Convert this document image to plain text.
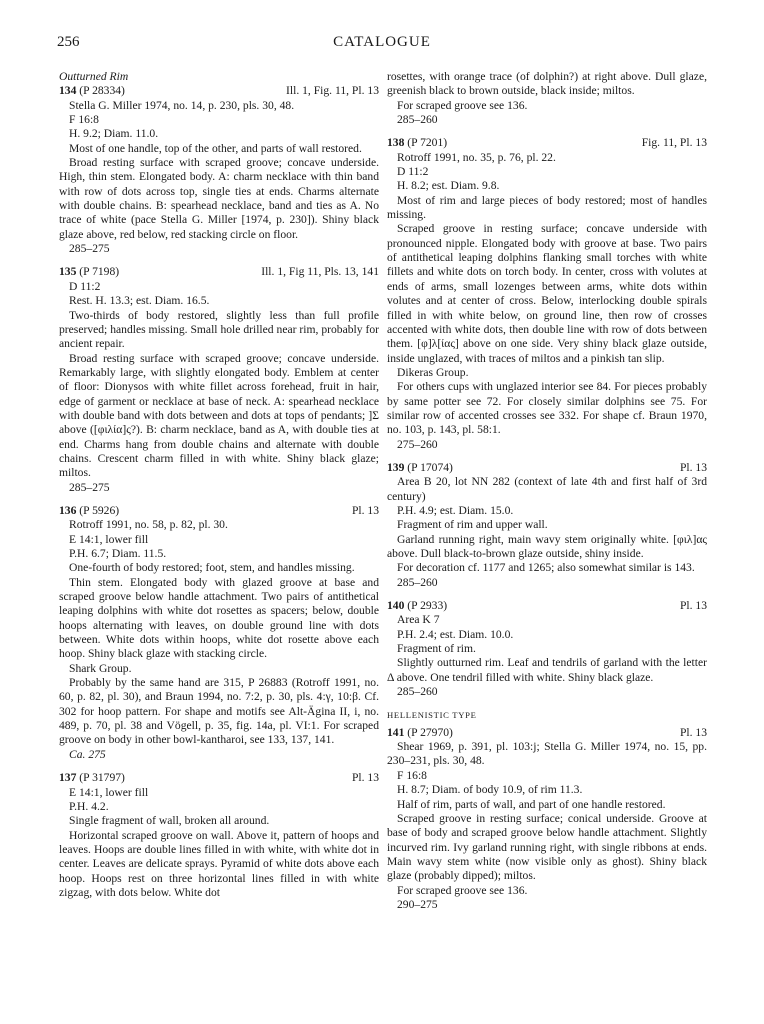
256	CATALOGUE

Outturned Rim

134 (P 28334)	Ill. 1, Fig. 11, Pl. 13

Stella G. Miller 1974, no. 14, p. 230, pls. 30, 48.

F 16:8

H. 9.2; Diam. 11.0.

Most of one handle, top of the other, and parts of wall restored.

Broad resting surface with scraped groove; concave underside. High, thin stem. Elongated body. A: charm necklace with thin band with row of dots across top, single ties at ends. Charms alternate with double chains. B: spearhead necklace, band and ties as A. No trace of white (pace Stella G. Miller [1974, p. 230]). Shiny black glaze above, red below, red stacking circle on floor.

285–275

135 (P 7198)	Ill. 1, Fig 11, Pls. 13, 141

D 11:2

Rest. H. 13.3; est. Diam. 16.5.

Two-thirds of body restored, slightly less than full profile preserved; handles missing. Small hole drilled near rim, probably for ancient repair.

Broad resting surface with scraped groove; concave underside. Remarkably large, with slightly elongated body. Emblem at center of floor: Dionysos with white fillet across forehead, fruit in hair, edge of garment or necklace at base of neck. A: spearhead necklace with double band with dots between and dots at tops of pendants; ]Σ above ([φιλία]ς?). B: charm necklace, band as A, with double ties at end. Charms hang from double chains and alternate with double chains. Crescent charm filled in with white. Shiny black glaze; miltos.

285–275

136 (P 5926)	Pl. 13

Rotroff 1991, no. 58, p. 82, pl. 30.

E 14:1, lower fill

P.H. 6.7; Diam. 11.5.

One-fourth of body restored; foot, stem, and handles missing.

Thin stem. Elongated body with glazed groove at base and scraped groove below handle attachment. Two pairs of antithetical leaping dolphins with white dot rosettes as spacers; below, double hoops alternating with leaves, on double ground line with dots between. White dots within hoops, white dot rosette above each hoop. Shiny black glaze with stacking circle.

Shark Group.

Probably by the same hand are 315, P 26883 (Rotroff 1991, no. 60, p. 82, pl. 30), and Braun 1994, no. 7:2, p. 30, pls. 4:γ, 10:β. Cf. 302 for hoop pattern. For shape and motifs see Alt-Ägina II, i, no. 489, p. 70, pl. 38 and Vögell, p. 35, fig. 14a, pl. VI:1. For scraped groove on body in other bowl-kantharoi, see 133, 137, 141.

Ca. 275

137 (P 31797)	Pl. 13

E 14:1, lower fill

P.H. 4.2.

Single fragment of wall, broken all around.

Horizontal scraped groove on wall. Above it, pattern of hoops and leaves. Hoops are double lines filled in with white, with white dot in center. Leaves are delicate sprays. Pyramid of white dots above each hoop. Hoops rest on three horizontal lines filled in with white zigzag, with dots below. White dot

rosettes, with orange trace (of dolphin?) at right above. Dull glaze, greenish black to brown outside, black inside; miltos.

For scraped groove see 136.

285–260

138 (P 7201)	Fig. 11, Pl. 13

Rotroff 1991, no. 35, p. 76, pl. 22.

D 11:2

H. 8.2; est. Diam. 9.8.

Most of rim and large pieces of body restored; most of handles missing.

Scraped groove in resting surface; concave underside with pronounced nipple. Elongated body with groove at base. Two pairs of antithetical leaping dolphins flanking small torches with white fillets and white dots on torch body. In center, cross with volutes at ends of arms, small lozenges between arms, white dots within volutes and at center of cross. Below, interlocking double spirals filled in with white below, on ground line, then row of crosses accented with white dots, then double line with row of dots between them. [φ]λ[ίας] above on one side. Very shiny black glaze outside, inside unglazed, with traces of miltos and a pinkish tan slip.

Dikeras Group.

For others cups with unglazed interior see 84. For pieces probably by same potter see 72. For closely similar dolphins see 75. For similar row of accented crosses see 332. For shape cf. Braun 1970, no. 103, p. 143, pl. 58:1.

275–260

139 (P 17074)	Pl. 13

Area B 20, lot NN 282 (context of late 4th and first half of 3rd century)

P.H. 4.9; est. Diam. 15.0.

Fragment of rim and upper wall.

Garland running right, main wavy stem originally white. [φιλ]ας above. Dull black-to-brown glaze outside, shiny inside.

For decoration cf. 1177 and 1265; also somewhat similar is 143.

285–260

140 (P 2933)	Pl. 13

Area K 7

P.H. 2.4; est. Diam. 10.0.

Fragment of rim.

Slightly outturned rim. Leaf and tendrils of garland with the letter Δ above. One tendril filled with white. Shiny black glaze.

285–260

HELLENISTIC TYPE

141 (P 27970)	Pl. 13

Shear 1969, p. 391, pl. 103:j; Stella G. Miller 1974, no. 15, pp. 230–231, pls. 30, 48.

F 16:8

H. 8.7; Diam. of body 10.9, of rim 11.3.

Half of rim, parts of wall, and part of one handle restored.

Scraped groove in resting surface; conical underside. Groove at base of body and scraped groove below handle attachment. Slightly incurved rim. Ivy garland running right, with single ribbons at ends. Main wavy stem white (now visible only as ghost). Shiny black glaze (probably dipped); miltos.

For scraped groove see 136.

290–275
